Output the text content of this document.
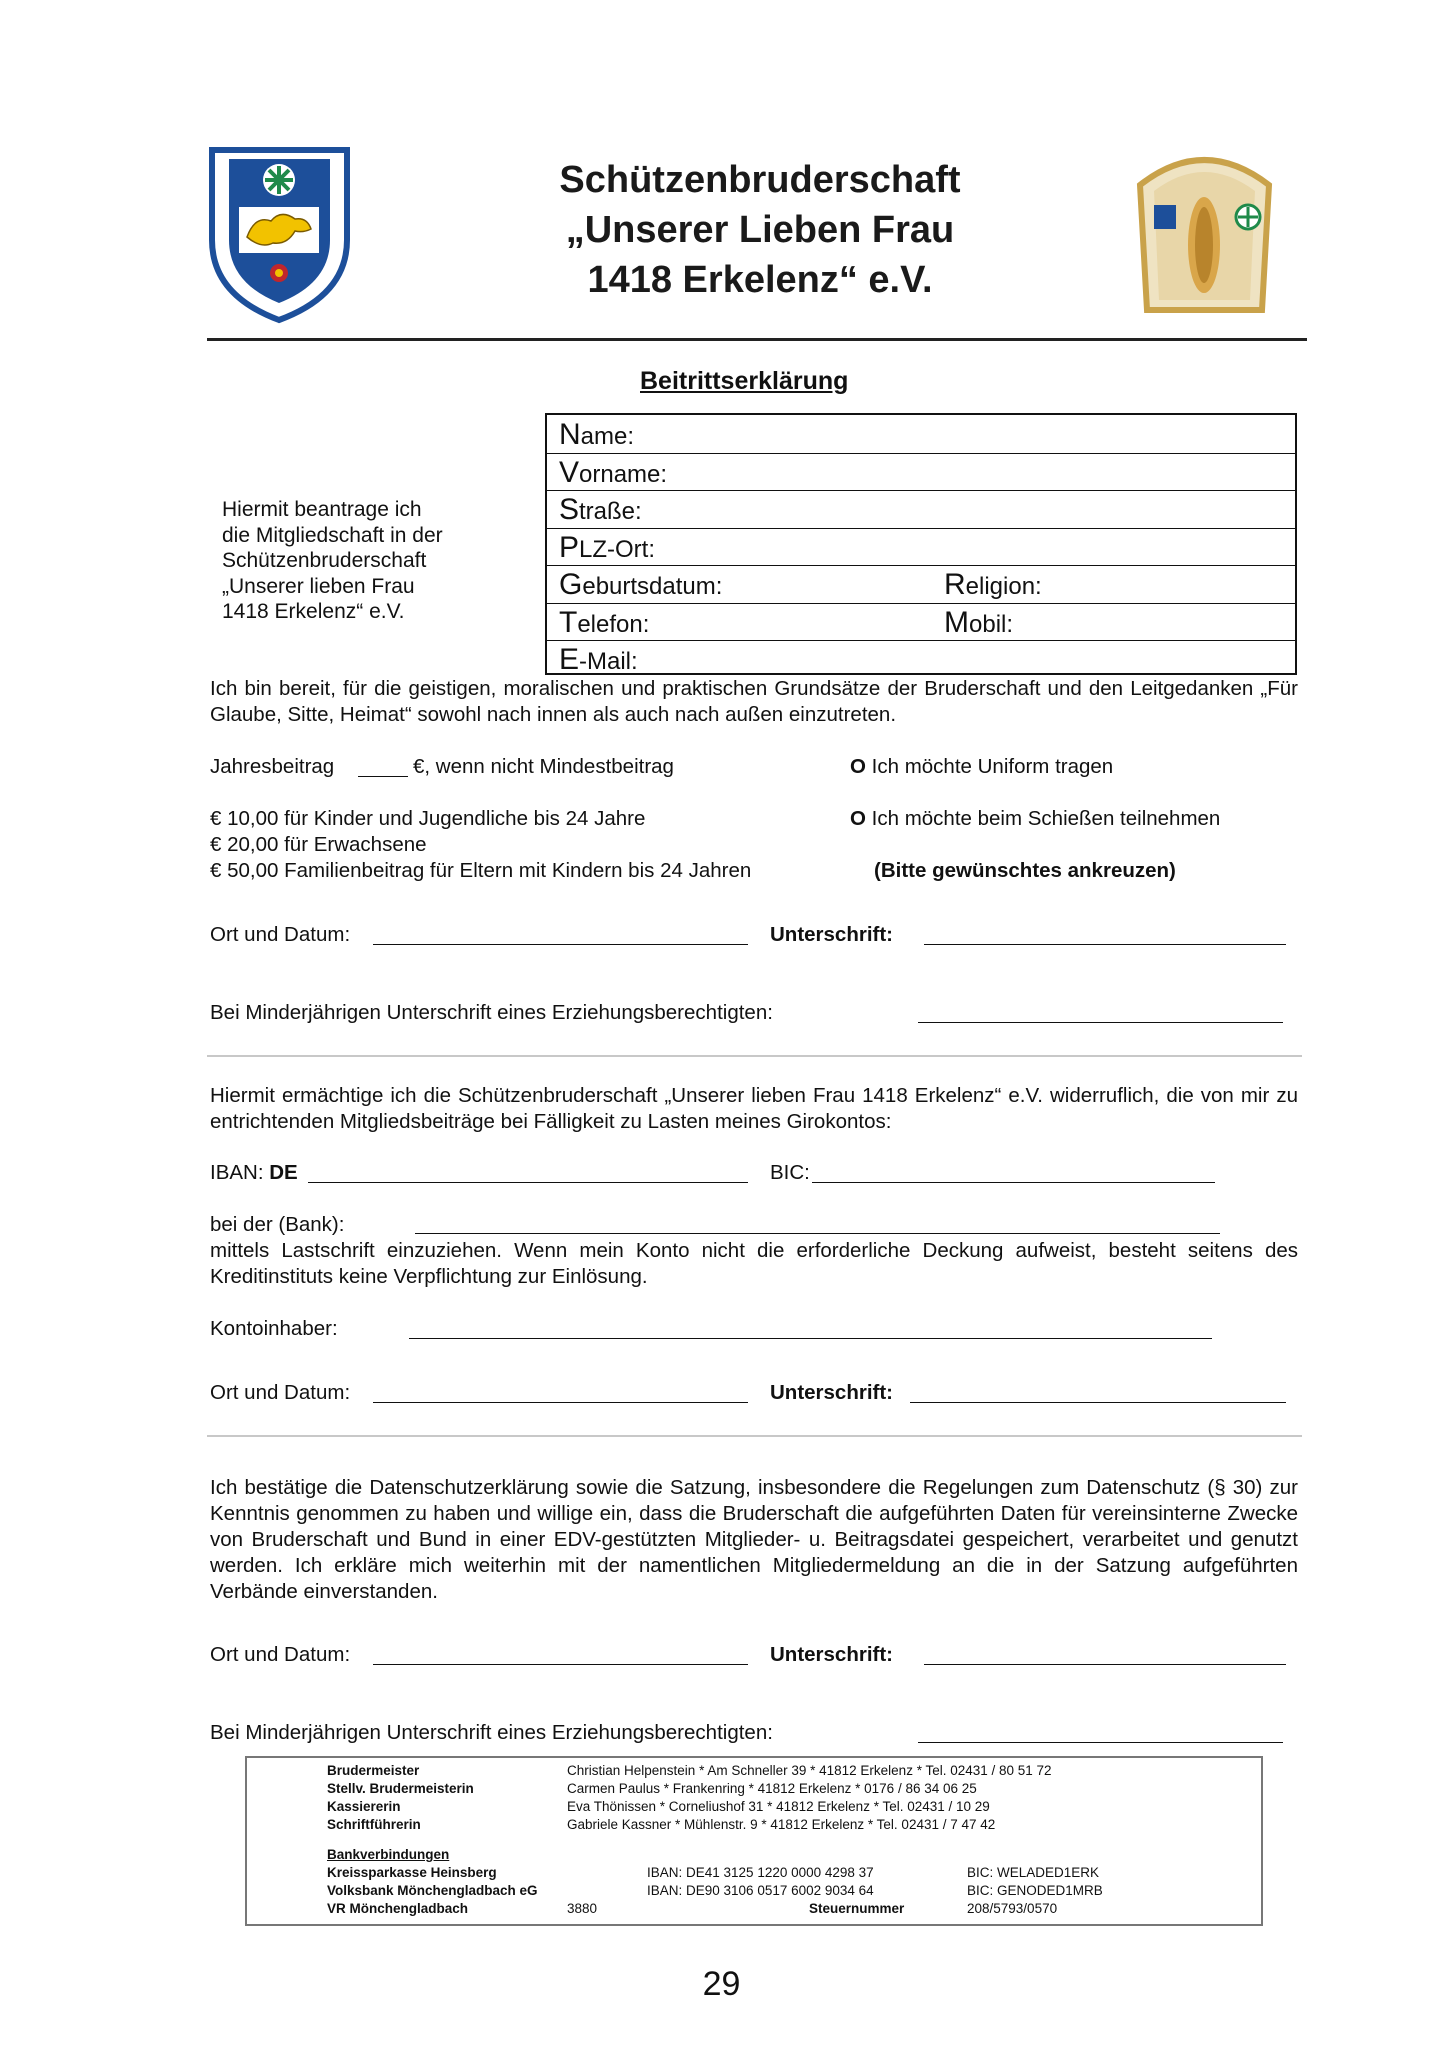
Schützenbruderschaft
„Unserer Lieben Frau
1418 Erkelenz“ e.V.
Beitrittserklärung
Hiermit beantrage ich
die Mitgliedschaft in der
Schützenbruderschaft
„Unserer lieben Frau
1418 Erkelenz“ e.V.
Name:
Vorname:
Straße:
PLZ-Ort:
Geburtsdatum:	Religion:
Telefon:	Mobil:
E-Mail:
Ich bin bereit, für die geistigen, moralischen und praktischen Grundsätze der Bruderschaft und den Leitgedanken „Für Glaube, Sitte, Heimat“ sowohl nach innen als auch nach außen einzutreten.
Jahresbeitrag	€, wenn nicht Mindestbeitrag	O Ich möchte Uniform tragen
O Ich möchte beim Schießen teilnehmen
(Bitte gewünschtes ankreuzen)
€ 10,00 für Kinder und Jugendliche bis 24 Jahre
€ 20,00 für Erwachsene
€ 50,00 Familienbeitrag für Eltern mit Kindern bis 24 Jahren
Ort und Datum:	Unterschrift:
Bei Minderjährigen Unterschrift eines Erziehungsberechtigten:
Hiermit ermächtige ich die Schützenbruderschaft „Unserer lieben Frau 1418 Erkelenz“ e.V. widerruflich, die von mir zu entrichtenden Mitgliedsbeiträge bei Fälligkeit zu Lasten meines Girokontos:
IBAN: DE	BIC:
bei der (Bank):
mittels Lastschrift einzuziehen. Wenn mein Konto nicht die erforderliche Deckung aufweist, besteht seitens des Kreditinstituts keine Verpflichtung zur Einlösung.
Kontoinhaber:
Ort und Datum:	Unterschrift:
Ich bestätige die Datenschutzerklärung sowie die Satzung, insbesondere die Regelungen zum Datenschutz (§ 30) zur Kenntnis genommen zu haben und willige ein, dass die Bruderschaft die aufgeführten Daten für vereinsinterne Zwecke von Bruderschaft und Bund in einer EDV-gestützten Mitglieder- u. Beitragsdatei gespeichert, verarbeitet und genutzt werden. Ich erkläre mich weiterhin mit der namentlichen Mitgliedermeldung an die in der Satzung aufgeführten Verbände einverstanden.
Ort und Datum:	Unterschrift:
Bei Minderjährigen Unterschrift eines Erziehungsberechtigten:
Brudermeister	Christian Helpenstein * Am Schneller 39 * 41812 Erkelenz * Tel. 02431 / 80 51 72
Stellv. Brudermeisterin	Carmen Paulus * Frankenring * 41812 Erkelenz * 0176 / 86 34 06 25
Kassiererin	Eva Thönissen * Corneliushof 31 * 41812 Erkelenz * Tel. 02431 / 10 29
Schriftführerin	Gabriele Kassner * Mühlenstr. 9 * 41812 Erkelenz * Tel. 02431 / 7 47 42
Bankverbindungen
Kreissparkasse Heinsberg	IBAN: DE41 3125 1220 0000 4298 37	BIC: WELADED1ERK
Volksbank Mönchengladbach eG	IBAN: DE90 3106 0517 6002 9034 64	BIC: GENODED1MRB
VR Mönchengladbach	3880	Steuernummer	208/5793/0570
29
